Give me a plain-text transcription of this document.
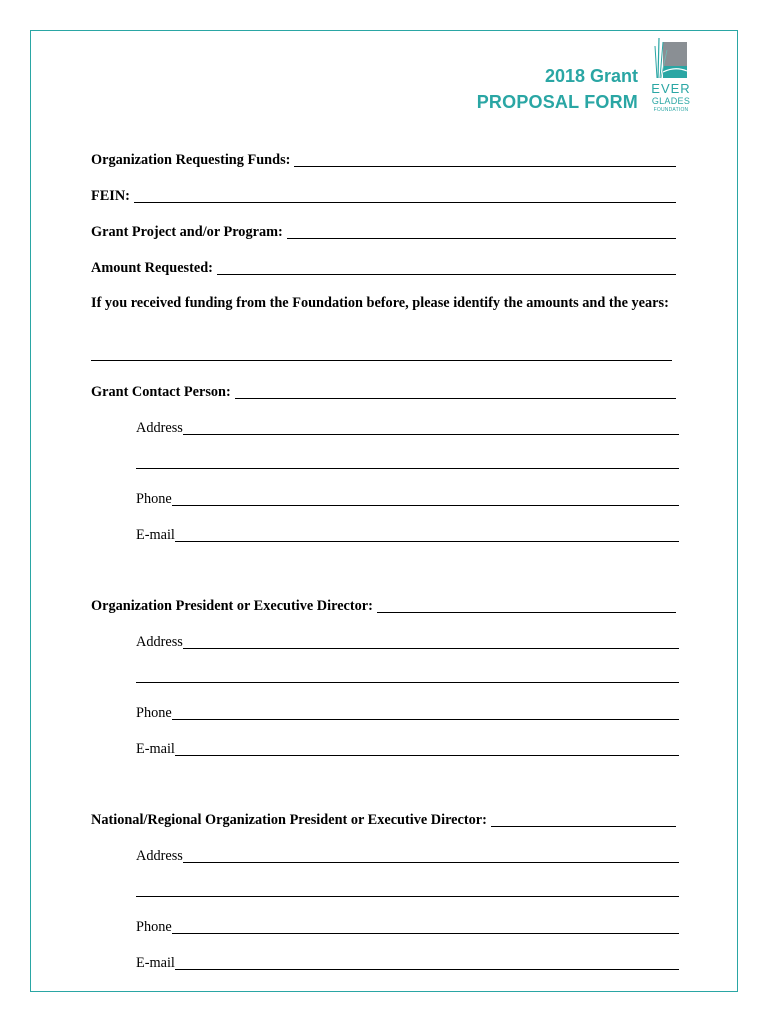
2018 Grant
PROPOSAL FORM
EVER
GLADES
FOUNDATION
Organization Requesting Funds:
FEIN:
Grant Project and/or Program:
Amount Requested:
If you received funding from the Foundation before, please identify the amounts and the years:
Grant Contact Person:
Address
Phone
E-mail
Organization President or Executive Director:
Address
Phone
E-mail
National/Regional Organization President or Executive Director:
Address
Phone
E-mail
